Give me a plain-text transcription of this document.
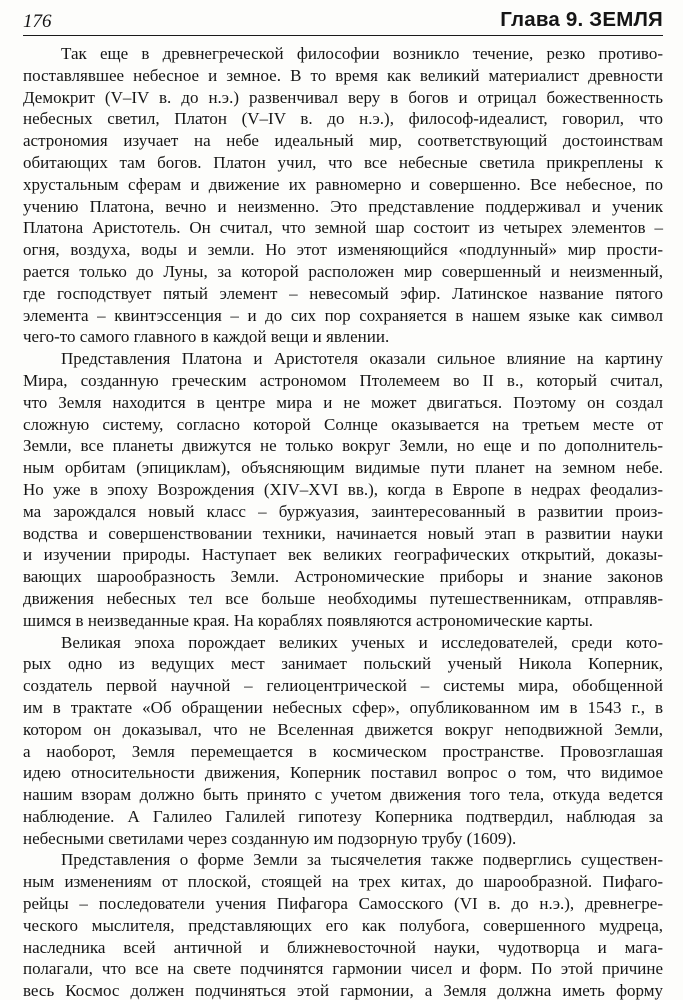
176	Глава 9. ЗЕМЛЯ

Так еще в древнегреческой философии возникло течение, резко противо-
поставлявшее небесное и земное. В то время как великий материалист древности
Демокрит (V–IV в. до н.э.) развенчивал веру в богов и отрицал божественность
небесных светил, Платон (V–IV в. до н.э.), философ-идеалист, говорил, что
астрономия изучает на небе идеальный мир, соответствующий достоинствам
обитающих там богов. Платон учил, что все небесные светила прикреплены к
хрустальным сферам и движение их равномерно и совершенно. Все небесное, по
учению Платона, вечно и неизменно. Это представление поддерживал и ученик
Платона Аристотель. Он считал, что земной шар состоит из четырех элементов –
огня, воздуха, воды и земли. Но этот изменяющийся «подлунный» мир прости-
рается только до Луны, за которой расположен мир совершенный и неизменный,
где господствует пятый элемент – невесомый эфир. Латинское название пятого
элемента – квинтэссенция – и до сих пор сохраняется в нашем языке как символ
чего-то самого главного в каждой вещи и явлении.

Представления Платона и Аристотеля оказали сильное влияние на картину
Мира, созданную греческим астрономом Птолемеем во II в., который считал,
что Земля находится в центре мира и не может двигаться. Поэтому он создал
сложную систему, согласно которой Солнце оказывается на третьем месте от
Земли, все планеты движутся не только вокруг Земли, но еще и по дополнитель-
ным орбитам (эпициклам), объясняющим видимые пути планет на земном небе.
Но уже в эпоху Возрождения (XIV–XVI вв.), когда в Европе в недрах феодализ-
ма зарождался новый класс – буржуазия, заинтересованный в развитии произ-
водства и совершенствовании техники, начинается новый этап в развитии науки
и изучении природы. Наступает век великих географических открытий, доказы-
вающих шарообразность Земли. Астрономические приборы и знание законов
движения небесных тел все больше необходимы путешественникам, отправляв-
шимся в неизведанные края. На кораблях появляются астрономические карты.

Великая эпоха порождает великих ученых и исследователей, среди кото-
рых одно из ведущих мест занимает польский ученый Никола Коперник,
создатель первой научной – гелиоцентрической – системы мира, обобщенной
им в трактате «Об обращении небесных сфер», опубликованном им в 1543 г., в
котором он доказывал, что не Вселенная движется вокруг неподвижной Земли,
а наоборот, Земля перемещается в космическом пространстве. Провозглашая
идею относительности движения, Коперник поставил вопрос о том, что видимое
нашим взорам должно быть принято с учетом движения того тела, откуда ведется
наблюдение. А Галилео Галилей гипотезу Коперника подтвердил, наблюдая за
небесными светилами через созданную им подзорную трубу (1609).

Представления о форме Земли за тысячелетия также подверглись существен-
ным изменениям от плоской, стоящей на трех китах, до шарообразной. Пифаго-
рейцы – последователи учения Пифагора Самосского (VI в. до н.э.), древнегре-
ческого мыслителя, представляющих его как полубога, совершенного мудреца,
наследника всей античной и ближневосточной науки, чудотворца и мага-
полагали, что все на свете подчинятся гармонии чисел и форм. По этой причине
весь Космос должен подчиняться этой гармонии, а Земля должна иметь форму
